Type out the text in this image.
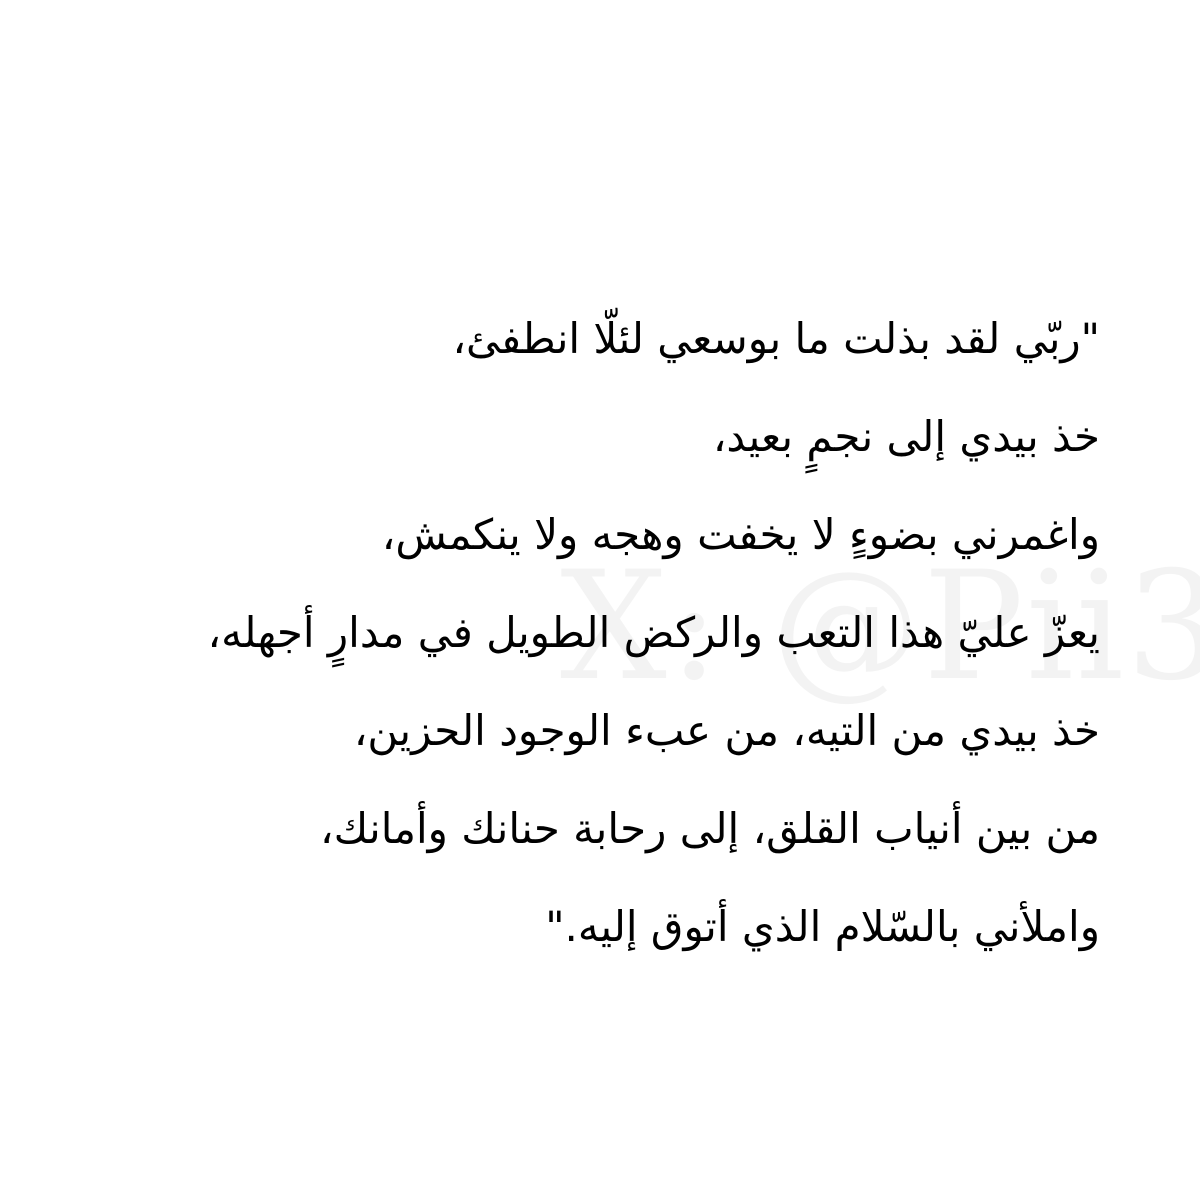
"ربّي لقد بذلت ما بوسعي لئلّا انطفئ،
خذ بيدي إلى نجمٍ بعيد،
واغمرني بضوءٍ لا يخفت وهجه ولا ينكمش،
يعزّ عليّ هذا التعب والركض الطويل في مدارٍ أجهله،
خذ بيدي من التيه، من عبء الوجود الحزين،
من بين أنياب القلق، إلى رحابة حنانك وأمانك،
واملأني بالسّلام الذي أتوق إليه."
